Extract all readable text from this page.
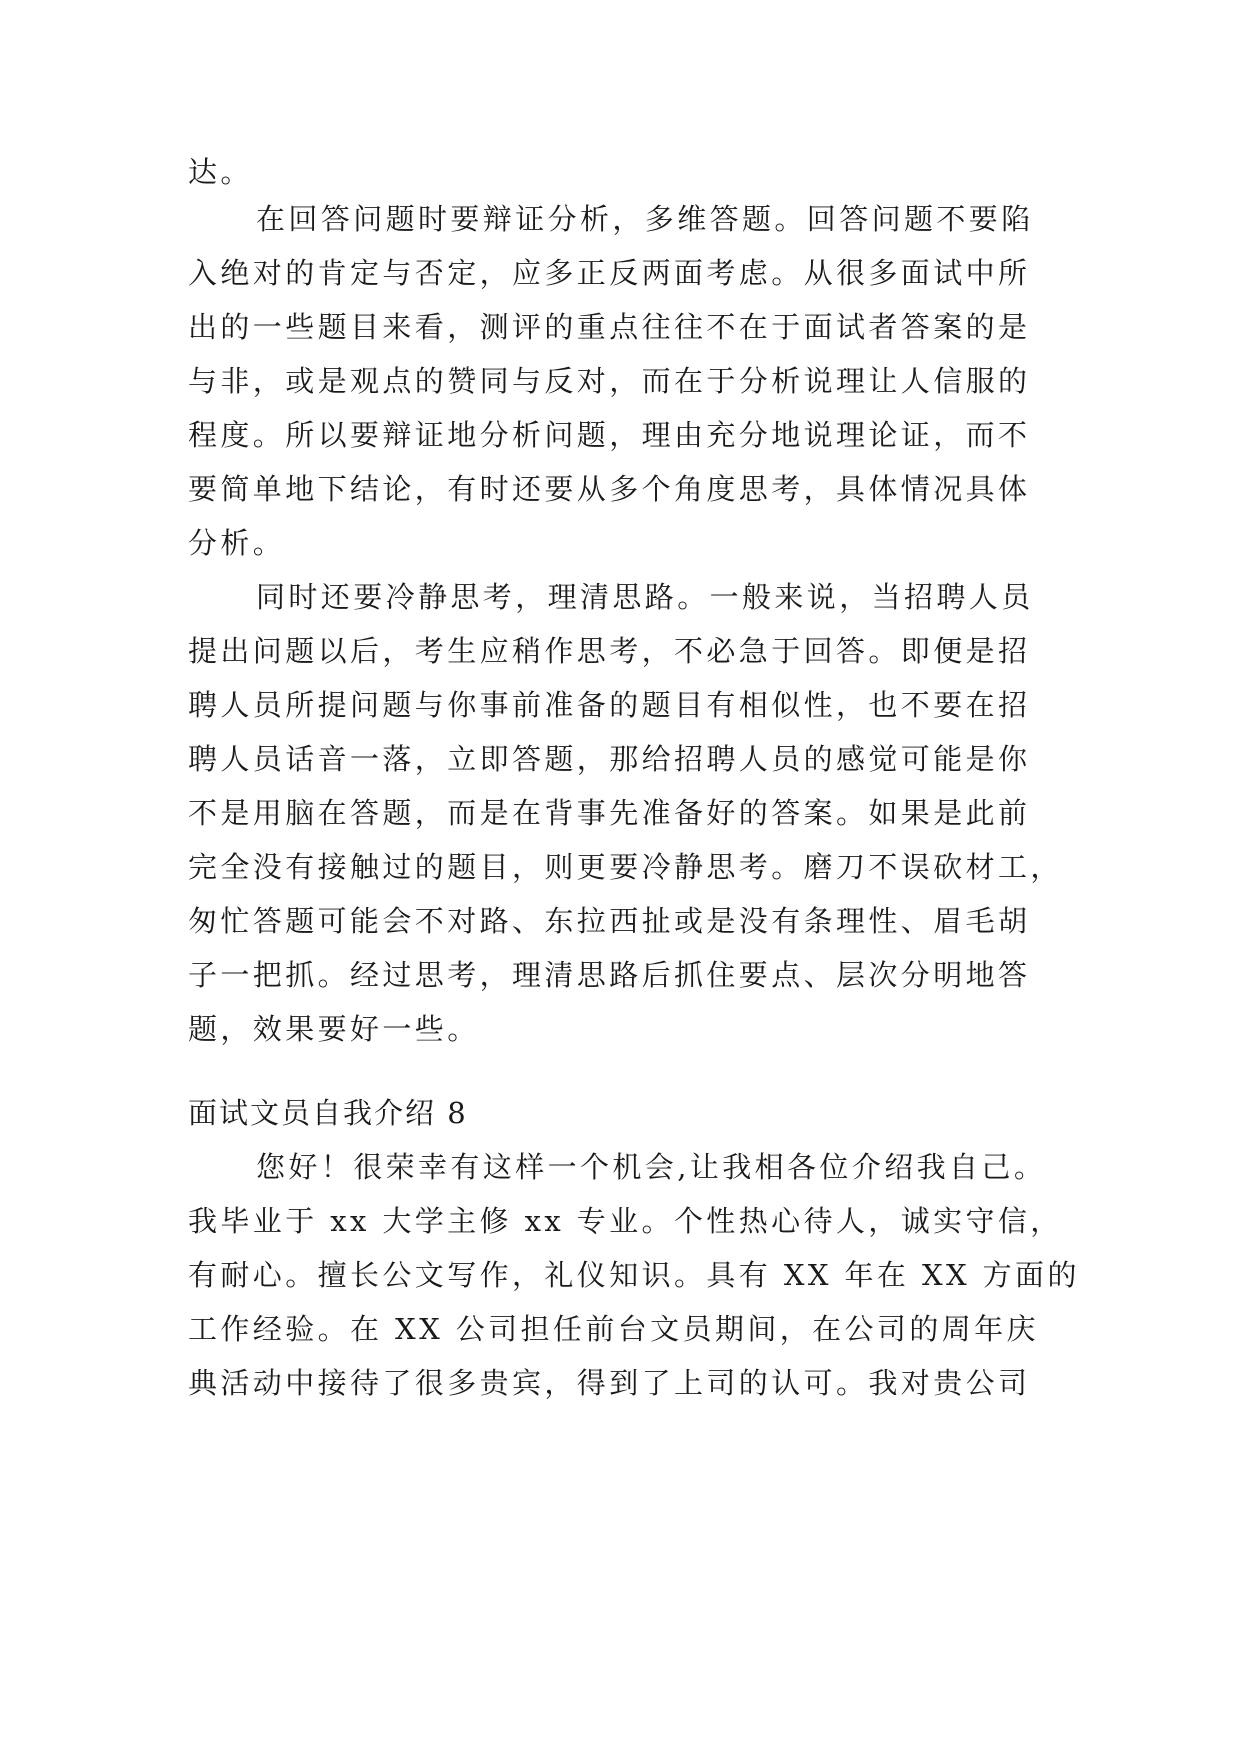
达。
在回答问题时要辩证分析，多维答题。回答问题不要陷
入绝对的肯定与否定，应多正反两面考虑。从很多面试中所
出的一些题目来看，测评的重点往往不在于面试者答案的是
与非，或是观点的赞同与反对，而在于分析说理让人信服的
程度。所以要辩证地分析问题，理由充分地说理论证，而不
要简单地下结论，有时还要从多个角度思考，具体情况具体
分析。
同时还要冷静思考，理清思路。一般来说，当招聘人员
提出问题以后，考生应稍作思考，不必急于回答。即便是招
聘人员所提问题与你事前准备的题目有相似性，也不要在招
聘人员话音一落，立即答题，那给招聘人员的感觉可能是你
不是用脑在答题，而是在背事先准备好的答案。如果是此前
完全没有接触过的题目，则更要冷静思考。磨刀不误砍材工，
匆忙答题可能会不对路、东拉西扯或是没有条理性、眉毛胡
子一把抓。经过思考，理清思路后抓住要点、层次分明地答
题，效果要好一些。
面试文员自我介绍 8
您好！很荣幸有这样一个机会,让我相各位介绍我自己。
我毕业于 xx 大学主修 xx 专业。个性热心待人，诚实守信，
有耐心。擅长公文写作，礼仪知识。具有 XX 年在 XX 方面的
工作经验。在 XX 公司担任前台文员期间，在公司的周年庆
典活动中接待了很多贵宾，得到了上司的认可。我对贵公司
